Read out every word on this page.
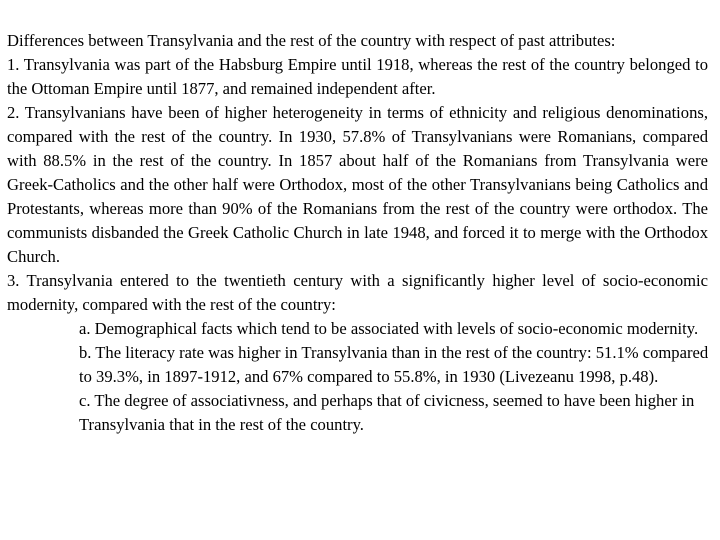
Differences between Transylvania and the rest of the country with respect of past attributes:

1. Transylvania was part of the Habsburg Empire until 1918, whereas the rest of the country belonged to the Ottoman Empire until 1877, and remained independent after.

2. Transylvanians have been of higher heterogeneity in terms of ethnicity and religious denominations, compared with the rest of the country. In 1930, 57.8% of Transylvanians were Romanians, compared with 88.5% in the rest of the country. In 1857 about half of the Romanians from Transylvania were Greek-Catholics and the other half were Orthodox, most of the other Transylvanians being Catholics and Protestants, whereas more than 90% of the Romanians from the rest of the country were orthodox. The communists disbanded the Greek Catholic Church in late 1948, and forced it to merge with the Orthodox Church.

3. Transylvania entered to the twentieth century with a significantly higher level of socio-economic modernity, compared with the rest of the country:

a. Demographical facts which tend to be associated with levels of socio-economic modernity.

b. The literacy rate was higher in Transylvania than in the rest of the country: 51.1% compared to 39.3%, in 1897-1912, and 67% compared to 55.8%, in 1930 (Livezeanu 1998, p.48).

c. The degree of associativness, and perhaps that of civicness, seemed to have been higher in Transylvania that in the rest of the country.
